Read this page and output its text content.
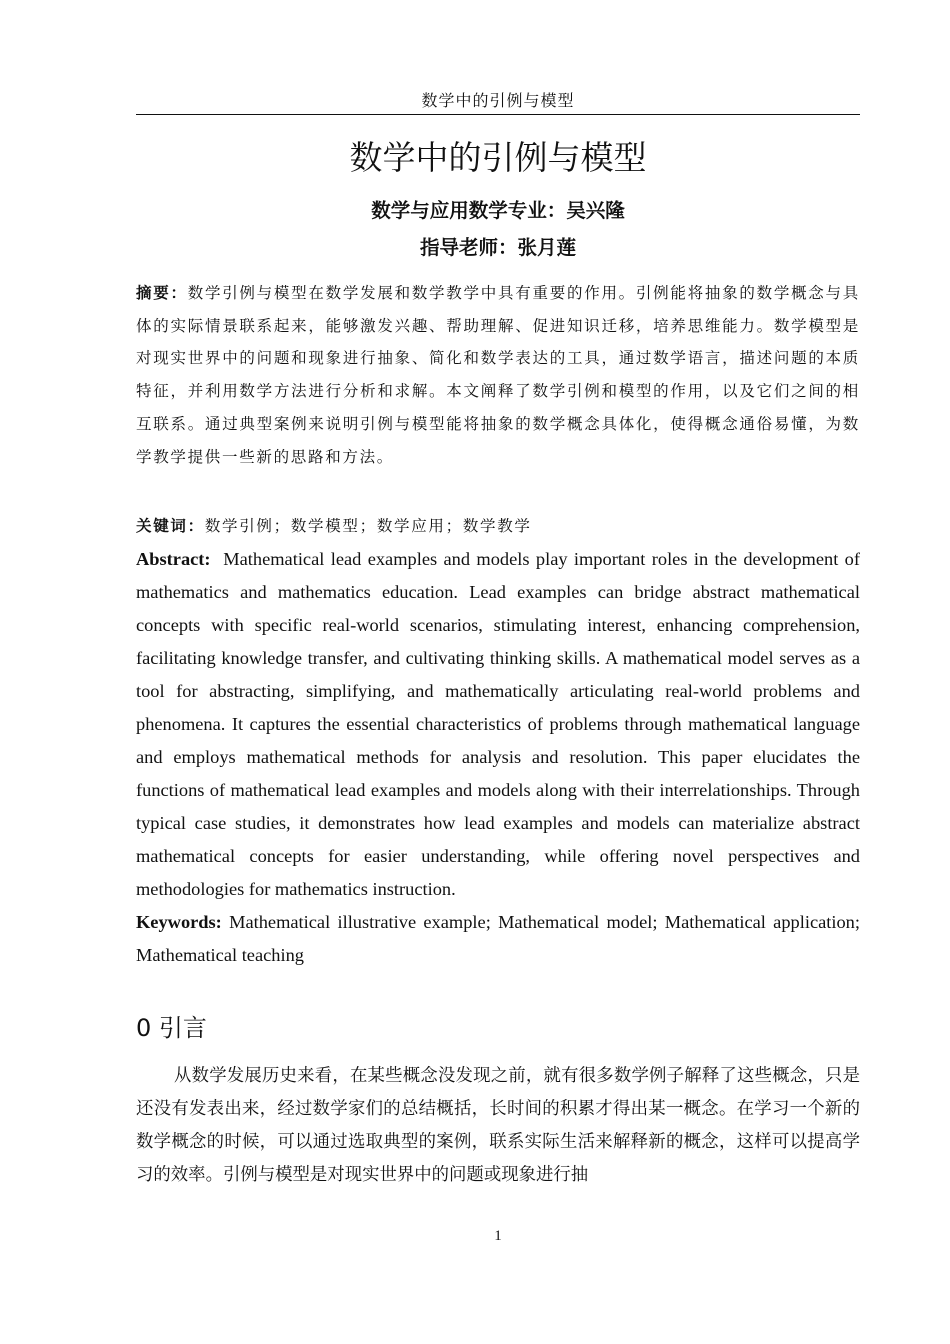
数学中的引例与模型
数学中的引例与模型
数学与应用数学专业：吴兴隆
指导老师：张月莲

摘要：数学引例与模型在数学发展和数学教学中具有重要的作用。引例能将抽象的数学概念与具体的实际情景联系起来，能够激发兴趣、帮助理解、促进知识迁移，培养思维能力。数学模型是对现实世界中的问题和现象进行抽象、简化和数学表达的工具，通过数学语言，描述问题的本质特征，并利用数学方法进行分析和求解。本文阐释了数学引例和模型的作用，以及它们之间的相互联系。通过典型案例来说明引例与模型能将抽象的数学概念具体化，使得概念通俗易懂，为数学教学提供一些新的思路和方法。

关键词：数学引例；数学模型；数学应用；数学教学

Abstract: Mathematical lead examples and models play important roles in the development of mathematics and mathematics education. Lead examples can bridge abstract mathematical concepts with specific real-world scenarios, stimulating interest, enhancing comprehension, facilitating knowledge transfer, and cultivating thinking skills. A mathematical model serves as a tool for abstracting, simplifying, and mathematically articulating real-world problems and phenomena. It captures the essential characteristics of problems through mathematical language and employs mathematical methods for analysis and resolution. This paper elucidates the functions of mathematical lead examples and models along with their interrelationships. Through typical case studies, it demonstrates how lead examples and models can materialize abstract mathematical concepts for easier understanding, while offering novel perspectives and methodologies for mathematics instruction.

Keywords: Mathematical illustrative example; Mathematical model; Mathematical application; Mathematical teaching

0 引言

从数学发展历史来看，在某些概念没发现之前，就有很多数学例子解释了这些概念，只是还没有发表出来，经过数学家们的总结概括，长时间的积累才得出某一概念。在学习一个新的数学概念的时候，可以通过选取典型的案例，联系实际生活来解释新的概念，这样可以提高学习的效率。引例与模型是对现实世界中的问题或现象进行抽

1
